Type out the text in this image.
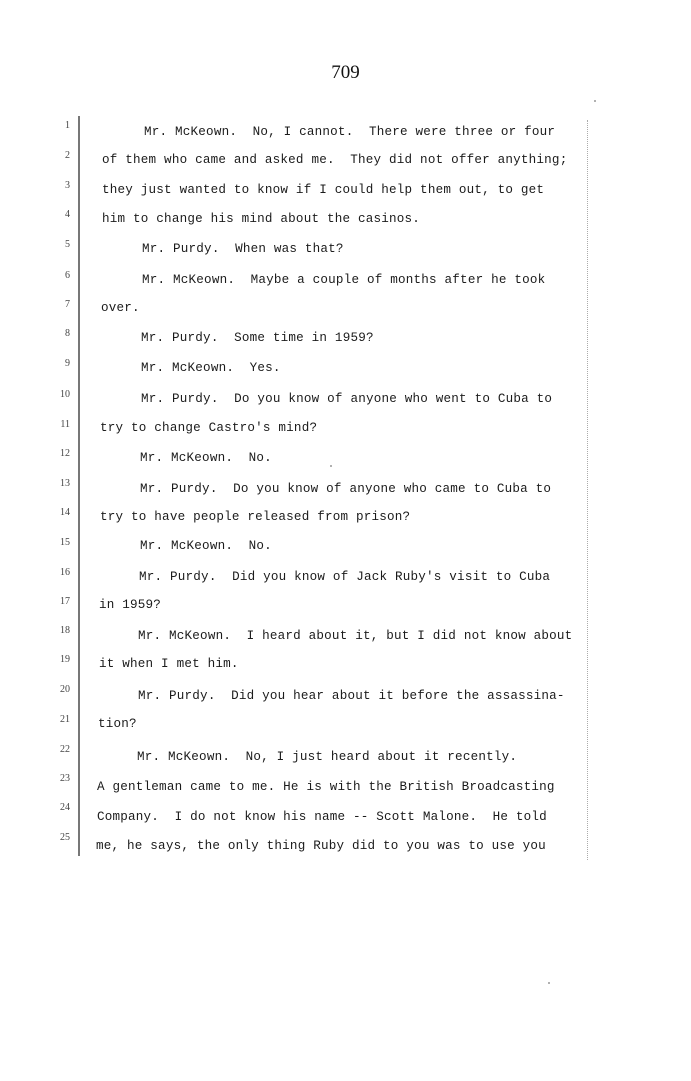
709
1
2
3
4
5
6
7
8
9
10
11
12
13
14
15
16
17
18
19
20
21
22
23
24
25
Mr. McKeown.  No, I cannot.  There were three or four
of them who came and asked me.  They did not offer anything;
they just wanted to know if I could help them out, to get
him to change his mind about the casinos.
Mr. Purdy.  When was that?
Mr. McKeown.  Maybe a couple of months after he took
over.
Mr. Purdy.  Some time in 1959?
Mr. McKeown.  Yes.
Mr. Purdy.  Do you know of anyone who went to Cuba to
try to change Castro's mind?
Mr. McKeown.  No.
Mr. Purdy.  Do you know of anyone who came to Cuba to
try to have people released from prison?
Mr. McKeown.  No.
Mr. Purdy.  Did you know of Jack Ruby's visit to Cuba
in 1959?
Mr. McKeown.  I heard about it, but I did not know about
it when I met him.
Mr. Purdy.  Did you hear about it before the assassina-
tion?
Mr. McKeown.  No, I just heard about it recently.
A gentleman came to me. He is with the British Broadcasting
Company.  I do not know his name -- Scott Malone.  He told
me, he says, the only thing Ruby did to you was to use you
